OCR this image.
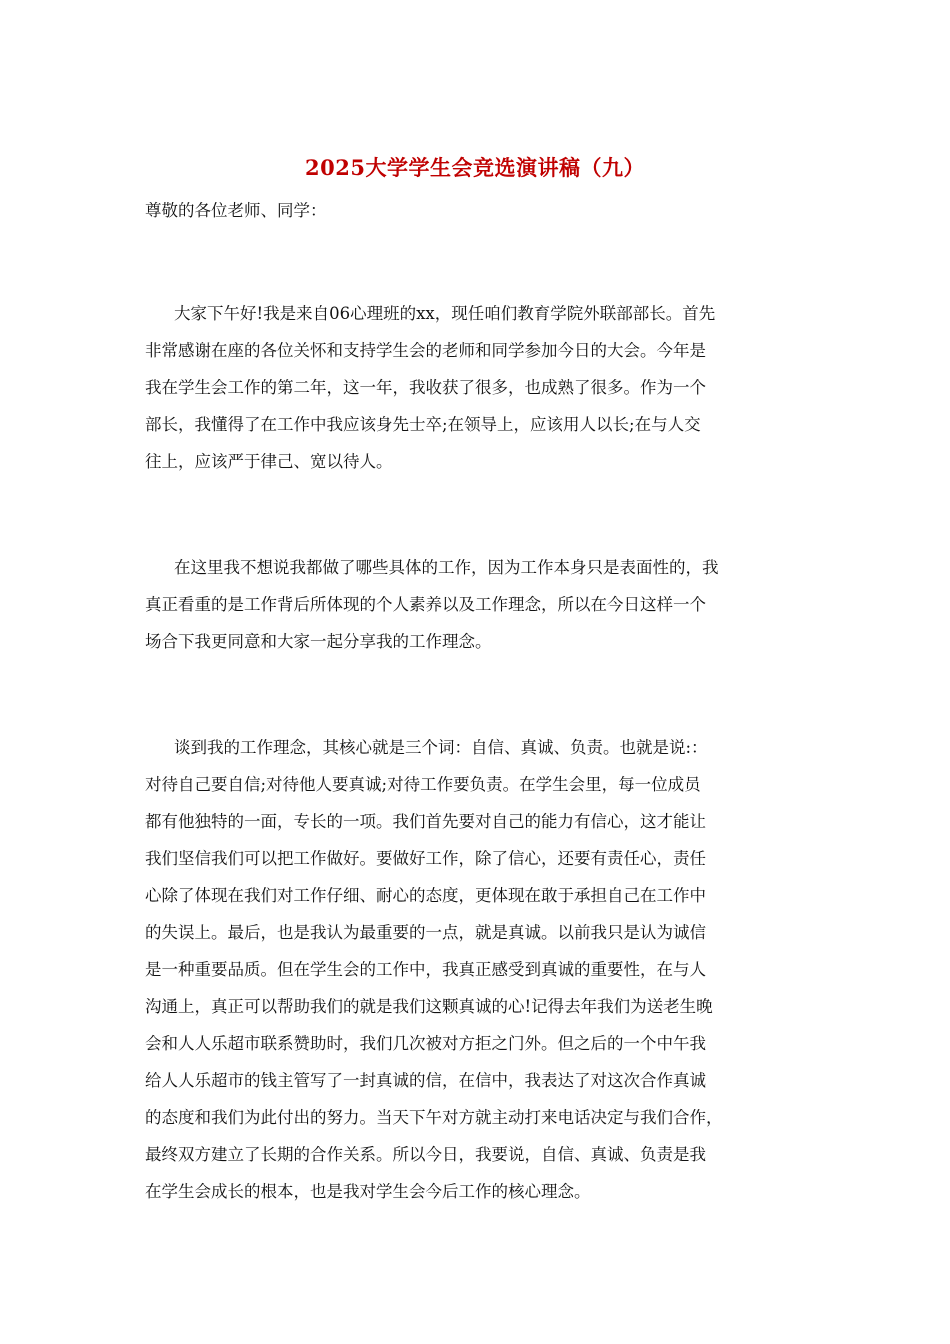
2025大学学生会竞选演讲稿（九）
尊敬的各位老师、同学：
大家下午好!我是来自06心理班的xx，现任咱们教育学院外联部部长。首先
非常感谢在座的各位关怀和支持学生会的老师和同学参加今日的大会。今年是
我在学生会工作的第二年，这一年，我收获了很多，也成熟了很多。作为一个
部长，我懂得了在工作中我应该身先士卒;在领导上，应该用人以长;在与人交
往上，应该严于律己、宽以待人。
在这里我不想说我都做了哪些具体的工作，因为工作本身只是表面性的，我
真正看重的是工作背后所体现的个人素养以及工作理念，所以在今日这样一个
场合下我更同意和大家一起分享我的工作理念。
谈到我的工作理念，其核心就是三个词：自信、真诚、负责。也就是说:：
对待自己要自信;对待他人要真诚;对待工作要负责。在学生会里，每一位成员
都有他独特的一面，专长的一项。我们首先要对自己的能力有信心，这才能让
我们坚信我们可以把工作做好。要做好工作，除了信心，还要有责任心，责任
心除了体现在我们对工作仔细、耐心的态度，更体现在敢于承担自己在工作中
的失误上。最后，也是我认为最重要的一点，就是真诚。以前我只是认为诚信
是一种重要品质。但在学生会的工作中，我真正感受到真诚的重要性，在与人
沟通上，真正可以帮助我们的就是我们这颗真诚的心!记得去年我们为送老生晚
会和人人乐超市联系赞助时，我们几次被对方拒之门外。但之后的一个中午我
给人人乐超市的钱主管写了一封真诚的信，在信中，我表达了对这次合作真诚
的态度和我们为此付出的努力。当天下午对方就主动打来电话决定与我们合作，
最终双方建立了长期的合作关系。所以今日，我要说，自信、真诚、负责是我
在学生会成长的根本，也是我对学生会今后工作的核心理念。
